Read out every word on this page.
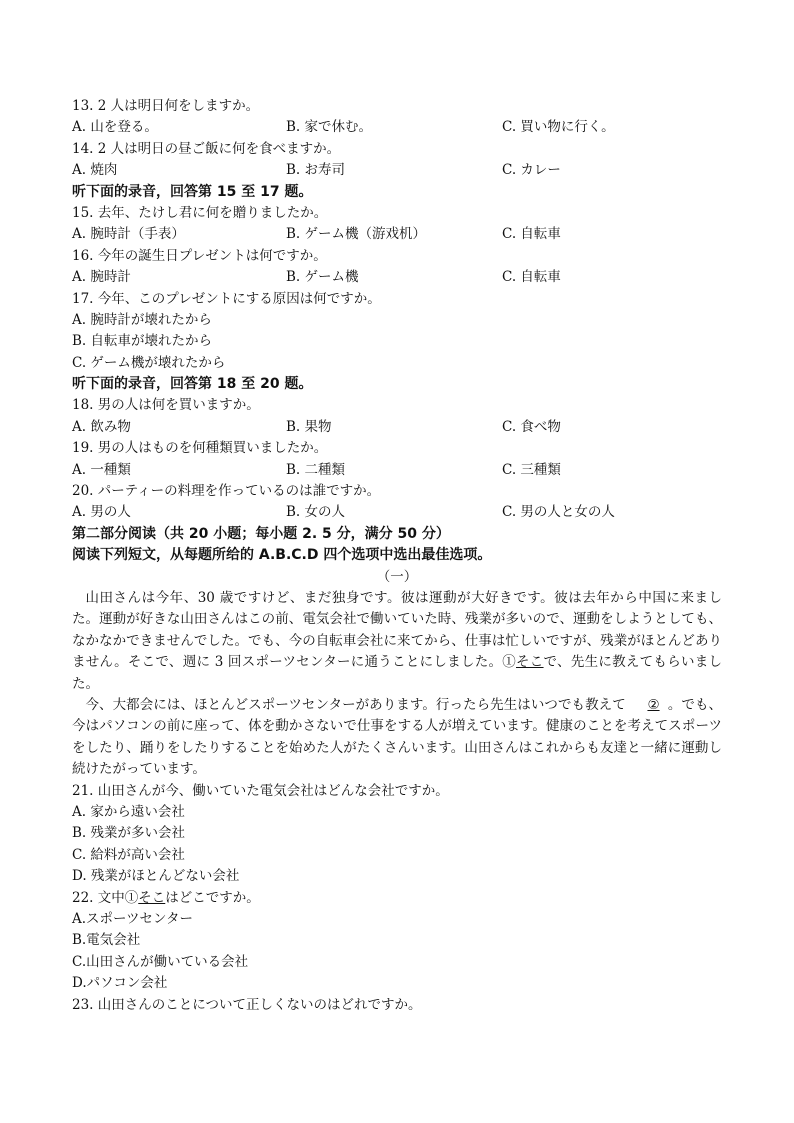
13. 2 人は明日何をしますか。
A. 山を登る。	B. 家で休む。	C. 買い物に行く。
14. 2 人は明日の昼ご飯に何を食べますか。
A. 焼肉	B. お寿司	C. カレー
听下面的录音，回答第 15 至 17 题。
15. 去年、たけし君に何を贈りましたか。
A. 腕時計（手表）	B. ゲーム機（游戏机）	C. 自転車
16. 今年の誕生日プレゼントは何ですか。
A. 腕時計	B. ゲーム機	C. 自転車
17. 今年、このプレゼントにする原因は何ですか。
A. 腕時計が壊れたから
B. 自転車が壊れたから
C. ゲーム機が壊れたから
听下面的录音，回答第 18 至 20 题。
18. 男の人は何を買いますか。
A. 飲み物	B. 果物	C. 食べ物
19. 男の人はものを何種類買いましたか。
A. 一種類	B. 二種類	C. 三種類
20. パーティーの料理を作っているのは誰ですか。
A. 男の人	B. 女の人	C. 男の人と女の人
第二部分阅读（共 20 小题；每小题 2. 5 分，满分 50 分）
阅读下列短文，从每题所给的 A.B.C.D 四个选项中选出最佳选项。
（一）
山田さんは今年、30 歳ですけど、まだ独身です。彼は運動が大好きです。彼は去年から中国に来ました。運動が好きな山田さんはこの前、電気会社で働いていた時、残業が多いので、運動をしようとしても、なかなかできませんでした。でも、今の自転車会社に来てから、仕事は忙しいですが、残業がほとんどありません。そこで、週に 3 回スポーツセンターに通うことにしました。①そこで、先生に教えてもらいました。
今、大都会には、ほとんどスポーツセンターがあります。行ったら先生はいつでも教えて ② 。でも、今はパソコンの前に座って、体を動かさないで仕事をする人が増えています。健康のことを考えてスポーツをしたり、踊りをしたりすることを始めた人がたくさんいます。山田さんはこれからも友達と一緒に運動し続けたがっています。
21. 山田さんが今、働いていた電気会社はどんな会社ですか。
A. 家から遠い会社
B. 残業が多い会社
C. 給料が高い会社
D. 残業がほとんどない会社
22. 文中①そこはどこですか。
A.スポーツセンター
B.電気会社
C.山田さんが働いている会社
D.パソコン会社
23. 山田さんのことについて正しくないのはどれですか。
